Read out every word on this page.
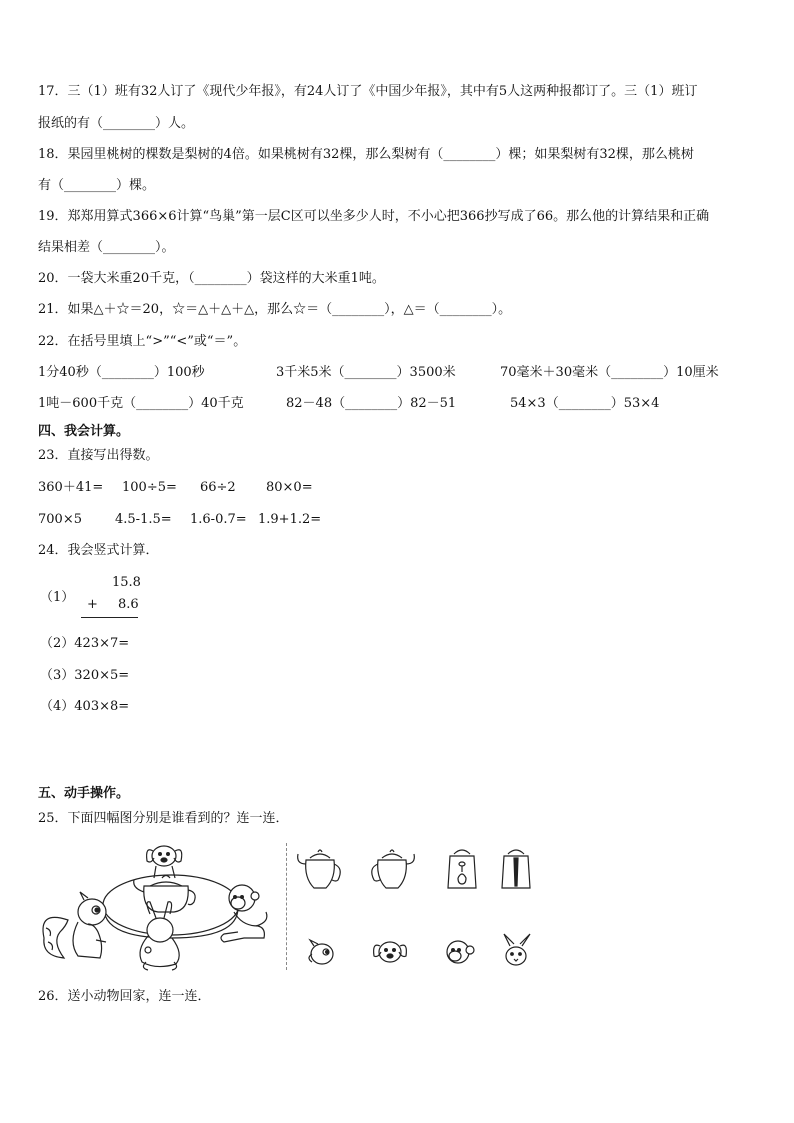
17．三（1）班有32人订了《现代少年报》，有24人订了《中国少年报》，其中有5人这两种报都订了。三（1）班订
报纸的有（________）人。
18．果园里桃树的棵数是梨树的4倍。如果桃树有32棵，那么梨树有（________）棵；如果梨树有32棵，那么桃树
有（________）棵。
19．郑郑用算式366×6计算“鸟巢”第一层C区可以坐多少人时，不小心把366抄写成了66。那么他的计算结果和正确
结果相差（________）。
20．一袋大米重20千克，（________）袋这样的大米重1吨。
21．如果△＋☆＝20，☆＝△＋△＋△，那么☆＝（________），△＝（________）。
22．在括号里填上“>”“<”或“＝”。
1分40秒（________）100秒	3千米5米（________）3500米	70毫米＋30毫米（________）10厘米
1吨－600千克（________）40千克	82－48（________）82－51	54×3（________）53×4
四、我会计算。
23．直接写出得数。
360＋41= 100÷5= 66÷2 80×0=
700×5	4.5-1.5= 1.6-0.7= 1.9+1.2=
24．我会竖式计算．
（1）
15.8
+ 8.6
（2）423×7=
（3）320×5=
（4）403×8=
五、动手操作。
25．下面四幅图分别是谁看到的？连一连．
26．送小动物回家，连一连．
